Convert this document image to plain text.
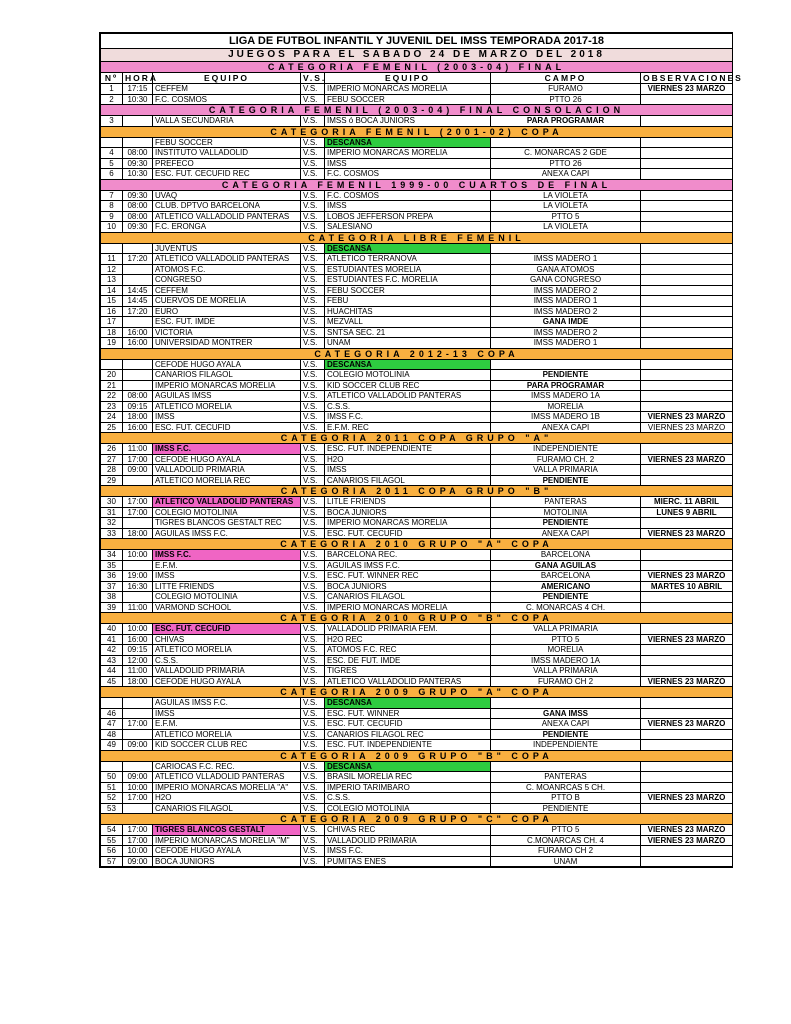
LIGA DE FUTBOL INFANTIL Y JUVENIL DEL IMSS TEMPORADA 2017-18						
JUEGOS PARA EL SABADO 24 DE MARZO DEL 2018						
CATEGORIA FEMENIL (2003-04) FINAL						
Nº	HORA	EQUIPO	V.S.	EQUIPO	CAMPO	OBSERVACIONES
1	17:15	CEFFEM	V.S.	IMPERIO MONARCAS MORELIA	FURAMO	VIERNES 23 MARZO
2	10:30	F.C. COSMOS	V.S.	FEBU SOCCER	PTTO 26	
CATEGORIA FEMENIL (2003-04) FINAL CONSOLACION						
3		VALLA SECUNDARIA	V.S.	IMSS ó BOCA JUNIORS	PARA PROGRAMAR	
CATEGORIA FEMENIL (2001-02) COPA						
		FEBU SOCCER	V.S.	DESCANSA		
4	08:00	INSTITUTO VALLADOLID	V.S.	IMPERIO MONARCAS MORELIA	C. MONARCAS 2 GDE	
5	09:30	PREFECO	V.S.	IMSS	PTTO 26	
6	10:30	ESC. FUT. CECUFID REC	V.S.	F.C. COSMOS	ANEXA CAPI	
CATEGORIA FEMENIL 1999-00 CUARTOS DE FINAL						
7	09:30	UVAQ	V.S.	F.C. COSMOS	LA VIOLETA	
8	08:00	CLUB. DPTVO BARCELONA	V.S.	IMSS	LA VIOLETA	
9	08:00	ATLETICO VALLADOLID PANTERAS	V.S.	LOBOS JEFFERSON PREPA	PTTO 5	
10	09:30	F.C. ERONGA	V.S.	SALESIANO	LA VIOLETA	
CATEGORIA LIBRE FEMENIL						
		JUVENTUS	V.S.	DESCANSA		
11	17:20	ATLETICO VALLADOLID PANTERAS	V.S.	ATLETICO TERRANOVA	IMSS MADERO 1	
12		ATOMOS F.C.	V.S.	ESTUDIANTES MORELIA	GANA ATOMOS	
13		CONGRESO	V.S.	ESTUDIANTES F.C. MORELIA	GANA CONGRESO	
14	14:45	CEFFEM	V.S.	FEBU SOCCER	IMSS MADERO 2	
15	14:45	CUERVOS DE MORELIA	V.S.	FEBU	IMSS MADERO 1	
16	17:20	EURO	V.S.	HUACHITAS	IMSS MADERO 2	
17		ESC. FUT. IMDE	V.S.	MEZVALL	GANA IMDE	
18	16:00	VICTORIA	V.S.	SNTSA SEC. 21	IMSS MADERO 2	
19	16:00	UNIVERSIDAD MONTRER	V.S.	UNAM	IMSS MADERO 1	
CATEGORIA 2012-13 COPA						
		CEFODE HUGO AYALA	V.S.	DESCANSA		
20		CANARIOS FILAGOL	V.S.	COLEGIO MOTOLINIA	PENDIENTE	
21		IMPERIO MONARCAS MORELIA	V.S.	KID SOCCER CLUB REC	PARA PROGRAMAR	
22	08:00	AGUILAS IMSS	V.S.	ATLETICO VALLADOLID PANTERAS	IMSS MADERO 1A	
23	09:15	ATLETICO MORELIA	V.S.	C.S.S.	MORELIA	
24	18:00	IMSS	V.S.	IMSS F.C.	IMSS MADERO 1B	VIERNES 23 MARZO
25	16:00	ESC. FUT. CECUFID	V.S.	E.F.M. REC	ANEXA CAPI	VIERNES 23 MARZO
CATEGORIA 2011 COPA GRUPO "A"						
26	11:00	IMSS F.C.	V.S.	ESC. FUT. INDEPENDIENTE	INDEPENDIENTE	
27	17:00	CEFODE HUGO AYALA	V.S.	H2O	FURAMO CH. 2	VIERNES 23 MARZO
28	09:00	VALLADOLID PRIMARIA	V.S.	IMSS	VALLA PRIMARIA	
29		ATLETICO MORELIA REC	V.S.	CANARIOS FILAGOL	PENDIENTE	
CATEGORIA 2011 COPA GRUPO "B"						
30	17:00	ATLETICO VALLADOLID PANTERAS	V.S.	LITLE FRIENDS	PANTERAS	MIERC. 11 ABRIL
31	17:00	COLEGIO MOTOLINIA	V.S.	BOCA JUNIORS	MOTOLINIA	LUNES 9 ABRIL
32		TIGRES BLANCOS GESTALT REC	V.S.	IMPERIO MONARCAS MORELIA	PENDIENTE	
33	18:00	AGUILAS IMSS F.C.	V.S.	ESC. FUT. CECUFID	ANEXA CAPI	VIERNES 23 MARZO
CATEGORIA 2010 GRUPO "A" COPA						
34	10:00	IMSS F.C.	V.S.	BARCELONA REC.	BARCELONA	
35		E.F.M.	V.S.	AGUILAS IMSS F.C.	GANA AGUILAS	
36	19:00	IMSS	V.S.	ESC. FUT. WINNER REC	BARCELONA	VIERNES 23 MARZO
37	16:30	LITTE FRIENDS	V.S.	BOCA JUNIORS	AMERICANO	MARTES 10 ABRIL
38		COLEGIO MOTOLINIA	V.S.	CANARIOS FILAGOL	PENDIENTE	
39	11:00	VARMOND SCHOOL	V.S.	IMPERIO MONARCAS MORELIA	C. MONARCAS 4 CH.	
CATEGORIA 2010 GRUPO "B" COPA						
40	10:00	ESC. FUT. CECUFID	V.S.	VALLADOLID PRIMARIA FEM.	VALLA PRIMARIA	
41	16:00	CHIVAS	V.S.	H2O REC	PTTO 5	VIERNES 23 MARZO
42	09:15	ATLETICO MORELIA	V.S.	ATOMOS F.C. REC	MORELIA	
43	12:00	C.S.S.	V.S.	ESC. DE FUT. IMDE	IMSS MADERO 1A	
44	11:00	VALLADOLID PRIMARIA	V.S.	TIGRES	VALLA PRIMARIA	
45	18:00	CEFODE HUGO AYALA	V.S.	ATLETICO VALLADOLID PANTERAS	FURAMO CH 2	VIERNES 23 MARZO
CATEGORIA 2009 GRUPO "A" COPA						
		AGUILAS IMSS F.C.	V.S.	DESCANSA		
46		IMSS	V.S.	ESC. FUT. WINNER	GANA IMSS	
47	17:00	E.F.M.	V.S.	ESC. FUT. CECUFID	ANEXA CAPI	VIERNES 23 MARZO
48		ATLETICO MORELIA	V.S.	CANARIOS FILAGOL REC	PENDIENTE	
49	09:00	KID SOCCER CLUB REC	V.S.	ESC. FUT. INDEPENDIENTE	INDEPENDIENTE	
CATEGORIA 2009 GRUPO "B" COPA						
		CARIOCAS F.C. REC.	V.S.	DESCANSA		
50	09:00	ATLETICO VLLADOLID PANTERAS	V.S.	BRASIL MORELIA REC	PANTERAS	
51	10:00	IMPERIO MONARCAS MORELIA "A"	V.S.	IMPERIO TARIMBARO	C. MOANRCAS 5 CH.	
52	17:00	H2O	V.S.	C.S.S.	PTTO B	VIERNES 23 MARZO
53		CANARIOS FILAGOL	V.S.	COLEGIO MOTOLINIA	PENDIENTE	
CATEGORIA 2009 GRUPO "C" COPA						
54	17:00	TIGRES BLANCOS GESTALT	V.S.	CHIVAS REC	PTTO 5	VIERNES 23 MARZO
55	17:00	IMPERIO MONARCAS MORELIA "M"	V.S.	VALLADOLID PRIMARIA	C.MONARCAS CH. 4	VIERNES 23 MARZO
56	10:00	CEFODE HUGO AYALA	V.S.	IMSS F.C.	FURAMO CH 2	
57	09:00	BOCA JUNIORS	V.S.	PUMITAS ENES	UNAM	
